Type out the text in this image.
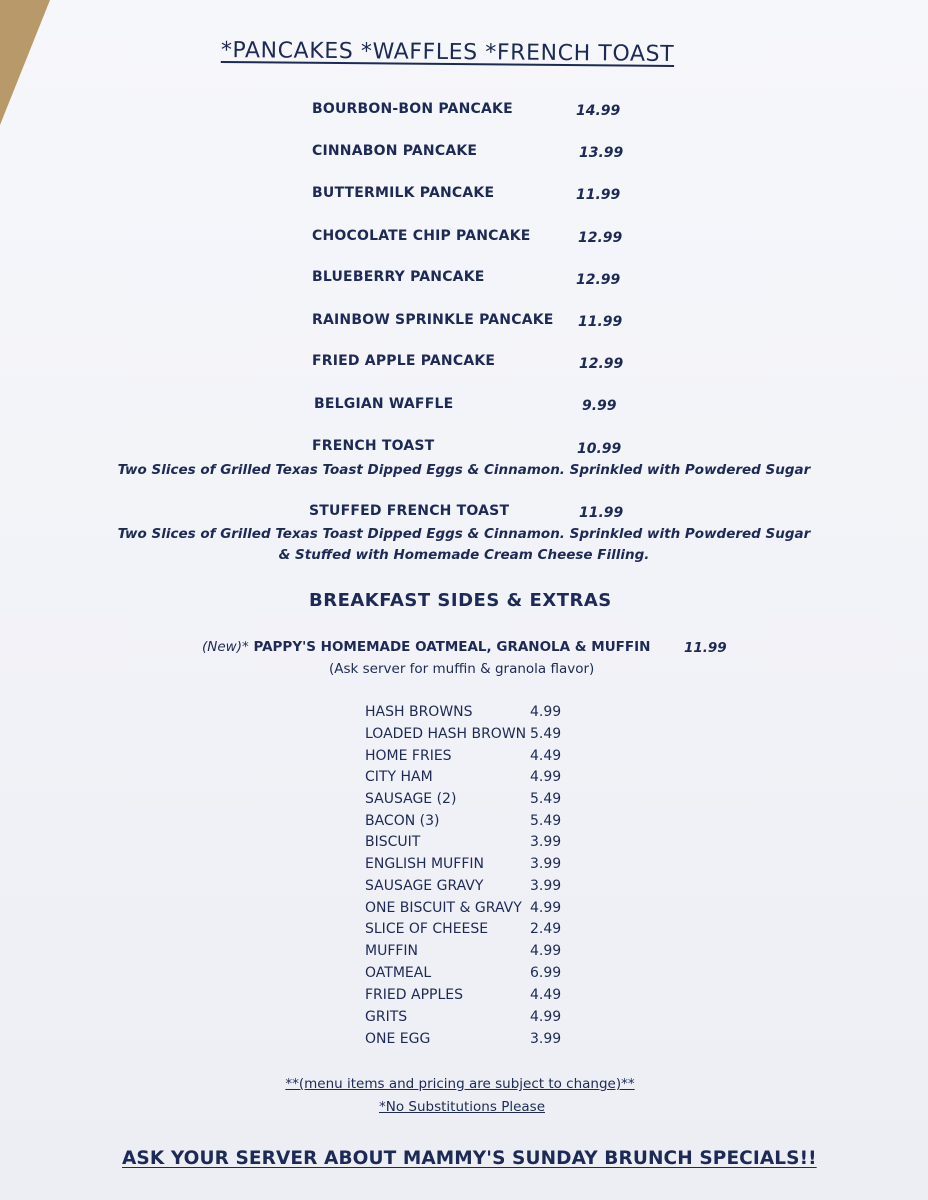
*PANCAKES *WAFFLES *FRENCH TOAST
BOURBON-BON PANCAKE	14.99
CINNABON PANCAKE	13.99
BUTTERMILK PANCAKE	11.99
CHOCOLATE CHIP PANCAKE	12.99
BLUEBERRY PANCAKE	12.99
RAINBOW SPRINKLE PANCAKE 11.99
FRIED APPLE PANCAKE	12.99
BELGIAN WAFFLE	9.99
FRENCH TOAST	10.99
Two Slices of Grilled Texas Toast Dipped Eggs & Cinnamon. Sprinkled with Powdered Sugar
STUFFED FRENCH TOAST	11.99
Two Slices of Grilled Texas Toast Dipped Eggs & Cinnamon. Sprinkled with Powdered Sugar
& Stuffed with Homemade Cream Cheese Filling.
BREAKFAST SIDES & EXTRAS
(New)* PAPPY'S HOMEMADE OATMEAL, GRANOLA & MUFFIN 11.99
(Ask server for muffin & granola flavor)
HASH BROWNS	4.99
LOADED HASH BROWN 5.49
HOME FRIES	4.49
CITY HAM	4.99
SAUSAGE (2)	5.49
BACON (3)	5.49
BISCUIT	3.99
ENGLISH MUFFIN	3.99
SAUSAGE GRAVY	3.99
ONE BISCUIT & GRAVY 4.99
SLICE OF CHEESE	2.49
MUFFIN	4.99
OATMEAL	6.99
FRIED APPLES	4.49
GRITS	4.99
ONE EGG	3.99
**(menu items and pricing are subject to change)**
*No Substitutions Please
ASK YOUR SERVER ABOUT MAMMY'S SUNDAY BRUNCH SPECIALS!!
